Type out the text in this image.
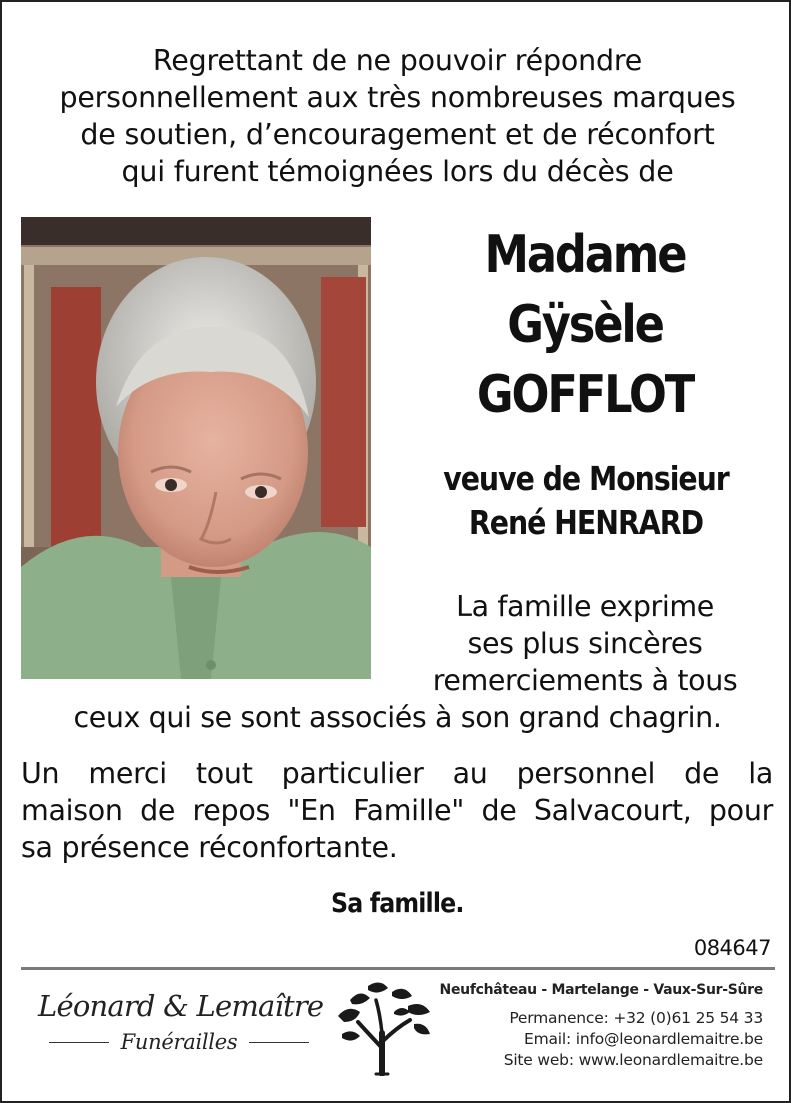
Regrettant de ne pouvoir répondre
personnellement aux très nombreuses marques
de soutien, d’encouragement et de réconfort
qui furent témoignées lors du décès de
Madame
Gÿsèle
GOFFLOT
veuve de Monsieur
René HENRARD
La famille exprime
ses plus sincères
remerciements à tous
ceux qui se sont associés à son grand chagrin.
Un merci tout particulier au personnel de la
maison de repos "En Famille" de Salvacourt, pour
sa présence réconfortante.
Sa famille.
084647
Léonard & Lemaître
Funérailles
Neufchâteau - Martelange - Vaux-Sur-Sûre
Permanence: +32 (0)61 25 54 33
Email: info@leonardlemaitre.be
Site web: www.leonardlemaitre.be
